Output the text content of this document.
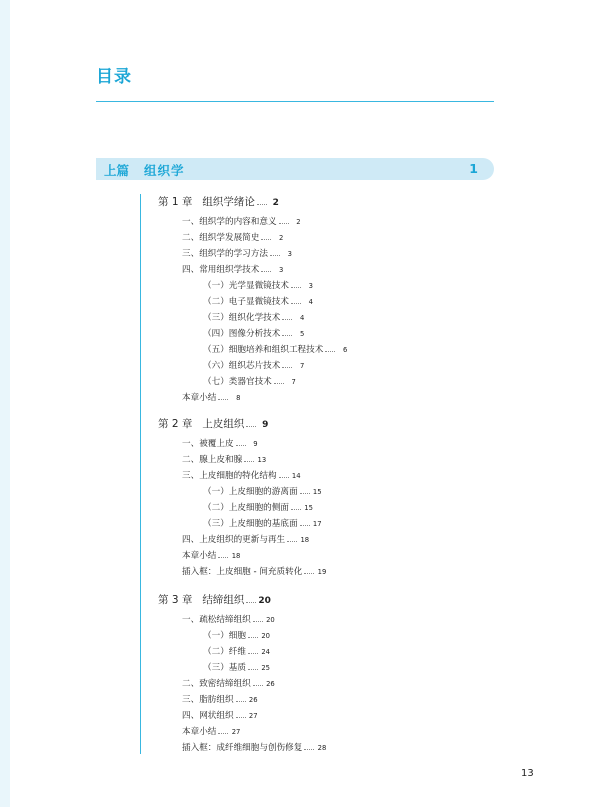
目录
上篇 组织学	1
第 1 章 组织学绪论	2
一、组织学的内容和意义	2
二、组织学发展简史	2
三、组织学的学习方法	3
四、常用组织学技术	3
（一）光学显微镜技术	3
（二）电子显微镜技术	4
（三）组织化学技术	4
（四）图像分析技术	5
（五）细胞培养和组织工程技术	6
（六）组织芯片技术	7
（七）类器官技术	7
本章小结	8
第 2 章 上皮组织	9
一、被覆上皮	9
二、腺上皮和腺 13
三、上皮细胞的特化结构 14
（一）上皮细胞的游离面 15
（二）上皮细胞的侧面 15
（三）上皮细胞的基底面 17
四、上皮组织的更新与再生 18
本章小结 18
插入框：上皮细胞 - 间充质转化 19
第 3 章 结缔组织 20
一、疏松结缔组织 20
（一）细胞 20
（二）纤维 24
（三）基质 25
二、致密结缔组织 26
三、脂肪组织 26
四、网状组织 27
本章小结 27
插入框：成纤维细胞与创伤修复 28
13
